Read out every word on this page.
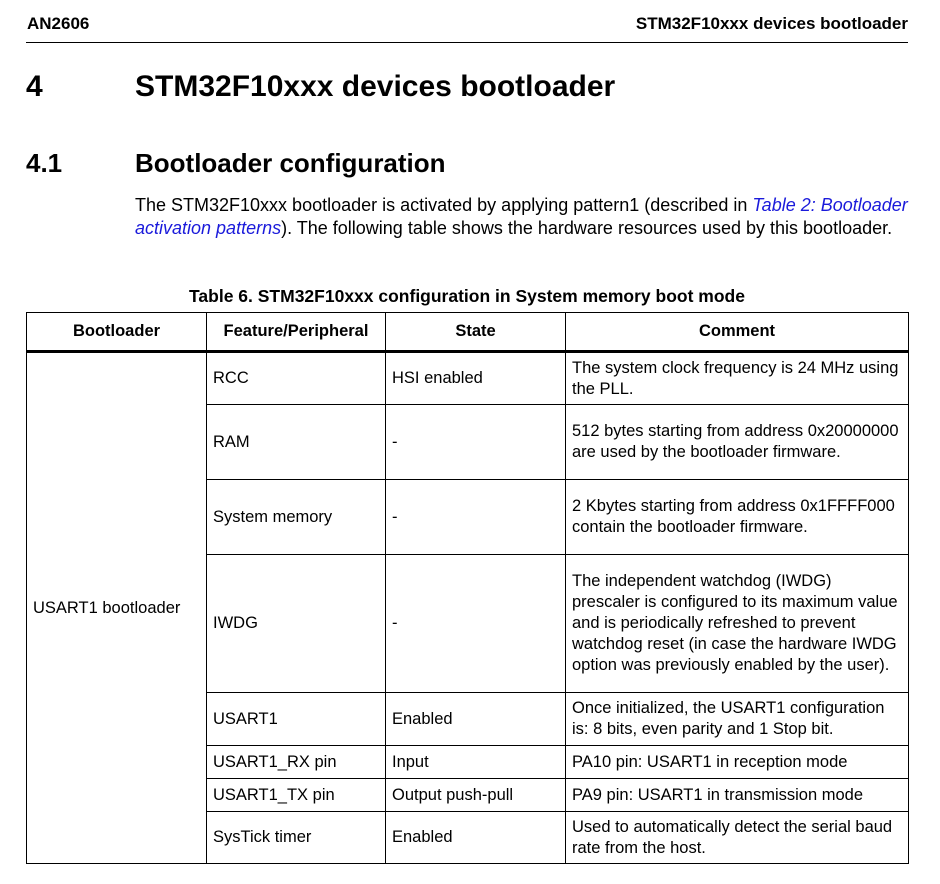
AN2606	STM32F10xxx devices bootloader
4	STM32F10xxx devices bootloader
4.1	Bootloader configuration
The STM32F10xxx bootloader is activated by applying pattern1 (described in Table 2: Bootloader activation patterns). The following table shows the hardware resources used by this bootloader.
Table 6. STM32F10xxx configuration in System memory boot mode
Bootloader	Feature/Peripheral	State	Comment
USART1 bootloader	RCC	HSI enabled	The system clock frequency is 24 MHz using the PLL.
	RAM	-	512 bytes starting from address 0x20000000 are used by the bootloader firmware.
	System memory	-	2 Kbytes starting from address 0x1FFFF000 contain the bootloader firmware.
	IWDG	-	The independent watchdog (IWDG) prescaler is configured to its maximum value and is periodically refreshed to prevent watchdog reset (in case the hardware IWDG option was previously enabled by the user).
	USART1	Enabled	Once initialized, the USART1 configuration is: 8 bits, even parity and 1 Stop bit.
	USART1_RX pin	Input	PA10 pin: USART1 in reception mode
	USART1_TX pin	Output push-pull	PA9 pin: USART1 in transmission mode
	SysTick timer	Enabled	Used to automatically detect the serial baud rate from the host.
